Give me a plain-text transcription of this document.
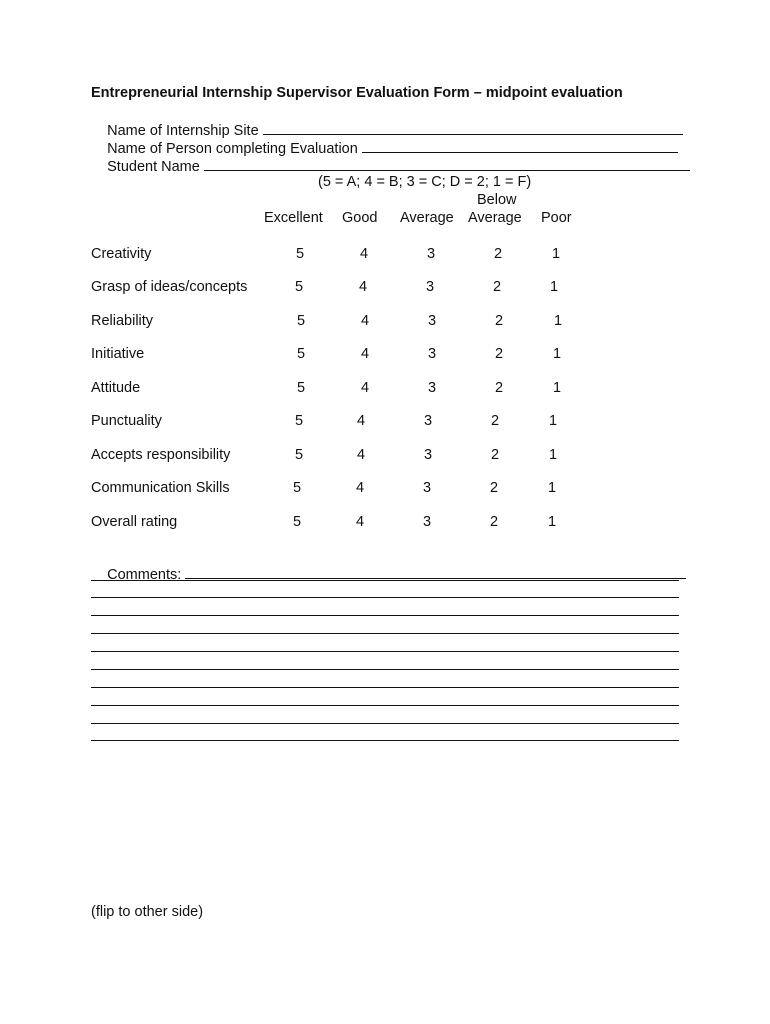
Entrepreneurial Internship Supervisor Evaluation Form – midpoint evaluation

Name of Internship Site

Name of Person completing Evaluation

Student Name

(5 = A; 4 = B; 3 = C; D = 2; 1 = F)
Below
Excellent Good Average Average Poor
Creativity	5	4	3	2	1
Grasp of ideas/concepts	5	4	3	2	1
Reliability	5	4	3	2	1
Initiative	5	4	3	2	1
Attitude	5	4	3	2	1
Punctuality	5	4	3	2	1
Accepts responsibility	5	4	3	2	1
Communication Skills	5	4	3	2	1
Overall rating	5	4	3	2	1

Comments:

(flip to other side)
